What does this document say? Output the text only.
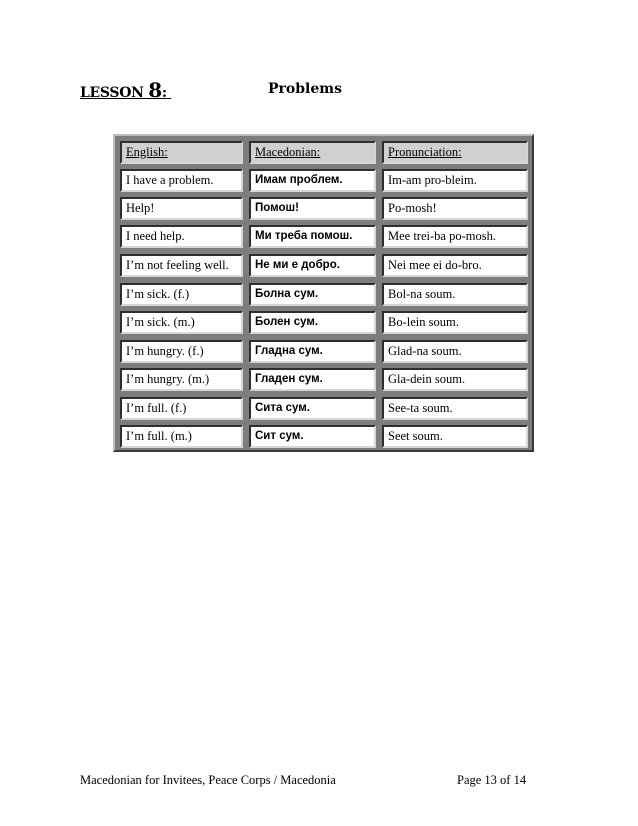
LESSON 8:	Problems
English:	Macedonian:	Pronunciation:
I have a problem.	Имам проблем.	Im-am pro-bleim.
Help!	Помош!	Po-mosh!
I need help.	Ми треба помош.	Mee trei-ba po-mosh.
I’m not feeling well.	Не ми е добро.	Nei mee ei do-bro.
I’m sick. (f.)	Болна сум.	Bol-na soum.
I’m sick. (m.)	Болен сум.	Bo-lein soum.
I’m hungry. (f.)	Гладна сум.	Glad-na soum.
I’m hungry. (m.)	Гладен сум.	Gla-dein soum.
I’m full. (f.)	Сита сум.	See-ta soum.
I’m full. (m.)	Сит сум.	Seet soum.
Macedonian for Invitees, Peace Corps / Macedonia	Page 13 of 14
